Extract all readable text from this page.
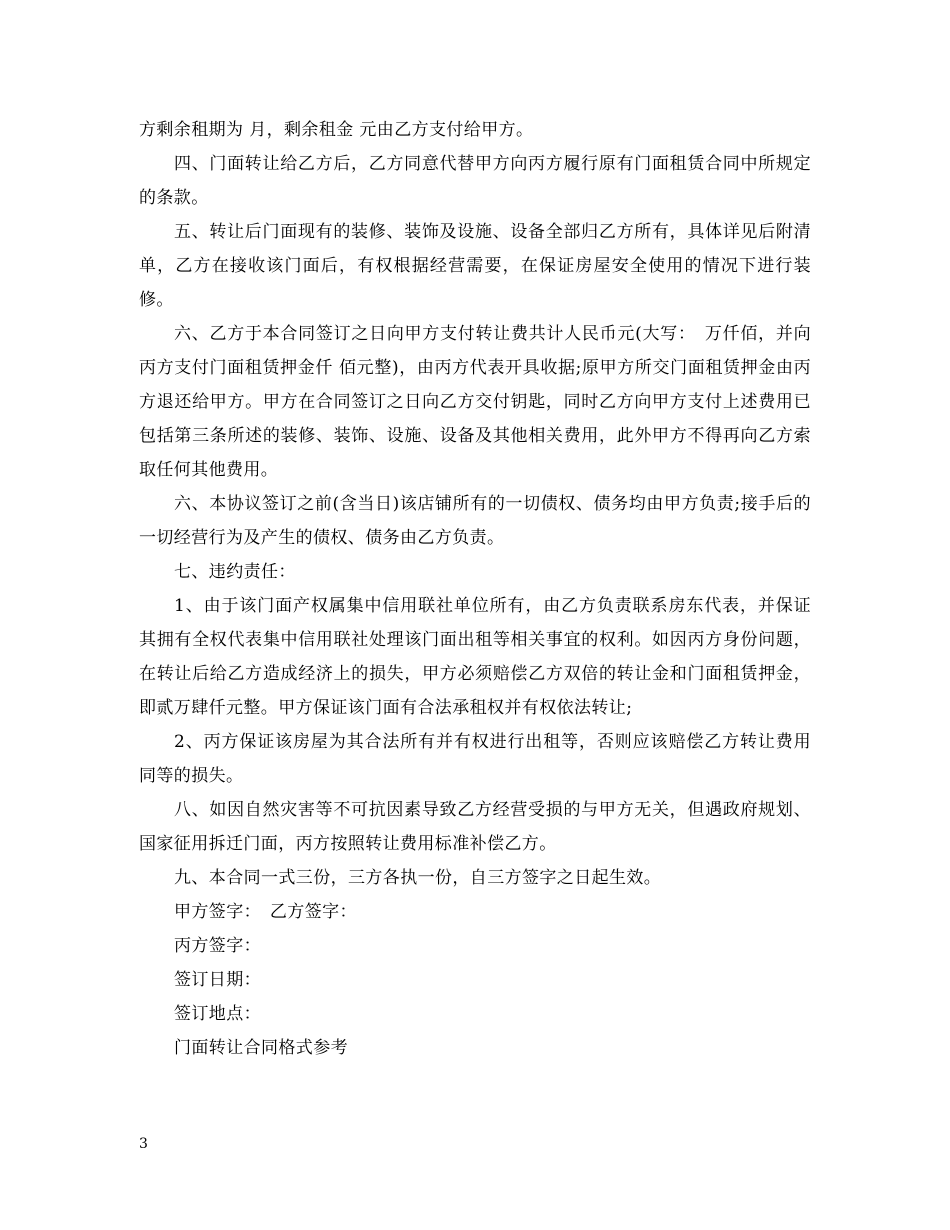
方剩余租期为 月，剩余租金 元由乙方支付给甲方。

四、门面转让给乙方后，乙方同意代替甲方向丙方履行原有门面租赁合同中所规定的条款。

五、转让后门面现有的装修、装饰及设施、设备全部归乙方所有，具体详见后附清单，乙方在接收该门面后，有权根据经营需要，在保证房屋安全使用的情况下进行装修。

六、乙方于本合同签订之日向甲方支付转让费共计人民币元(大写：　万仟佰，并向丙方支付门面租赁押金仟 佰元整)，由丙方代表开具收据;原甲方所交门面租赁押金由丙方退还给甲方。甲方在合同签订之日向乙方交付钥匙，同时乙方向甲方支付上述费用已包括第三条所述的装修、装饰、设施、设备及其他相关费用，此外甲方不得再向乙方索取任何其他费用。

六、本协议签订之前(含当日)该店铺所有的一切债权、债务均由甲方负责;接手后的一切经营行为及产生的债权、债务由乙方负责。

七、违约责任：

1、由于该门面产权属集中信用联社单位所有，由乙方负责联系房东代表，并保证其拥有全权代表集中信用联社处理该门面出租等相关事宜的权利。如因丙方身份问题，在转让后给乙方造成经济上的损失，甲方必须赔偿乙方双倍的转让金和门面租赁押金，即贰万肆仟元整。甲方保证该门面有合法承租权并有权依法转让;

2、丙方保证该房屋为其合法所有并有权进行出租等，否则应该赔偿乙方转让费用同等的损失。

八、如因自然灾害等不可抗因素导致乙方经营受损的与甲方无关，但遇政府规划、国家征用拆迁门面，丙方按照转让费用标准补偿乙方。

九、本合同一式三份，三方各执一份，自三方签字之日起生效。

甲方签字：　乙方签字：

丙方签字：

签订日期：

签订地点：

门面转让合同格式参考

3
